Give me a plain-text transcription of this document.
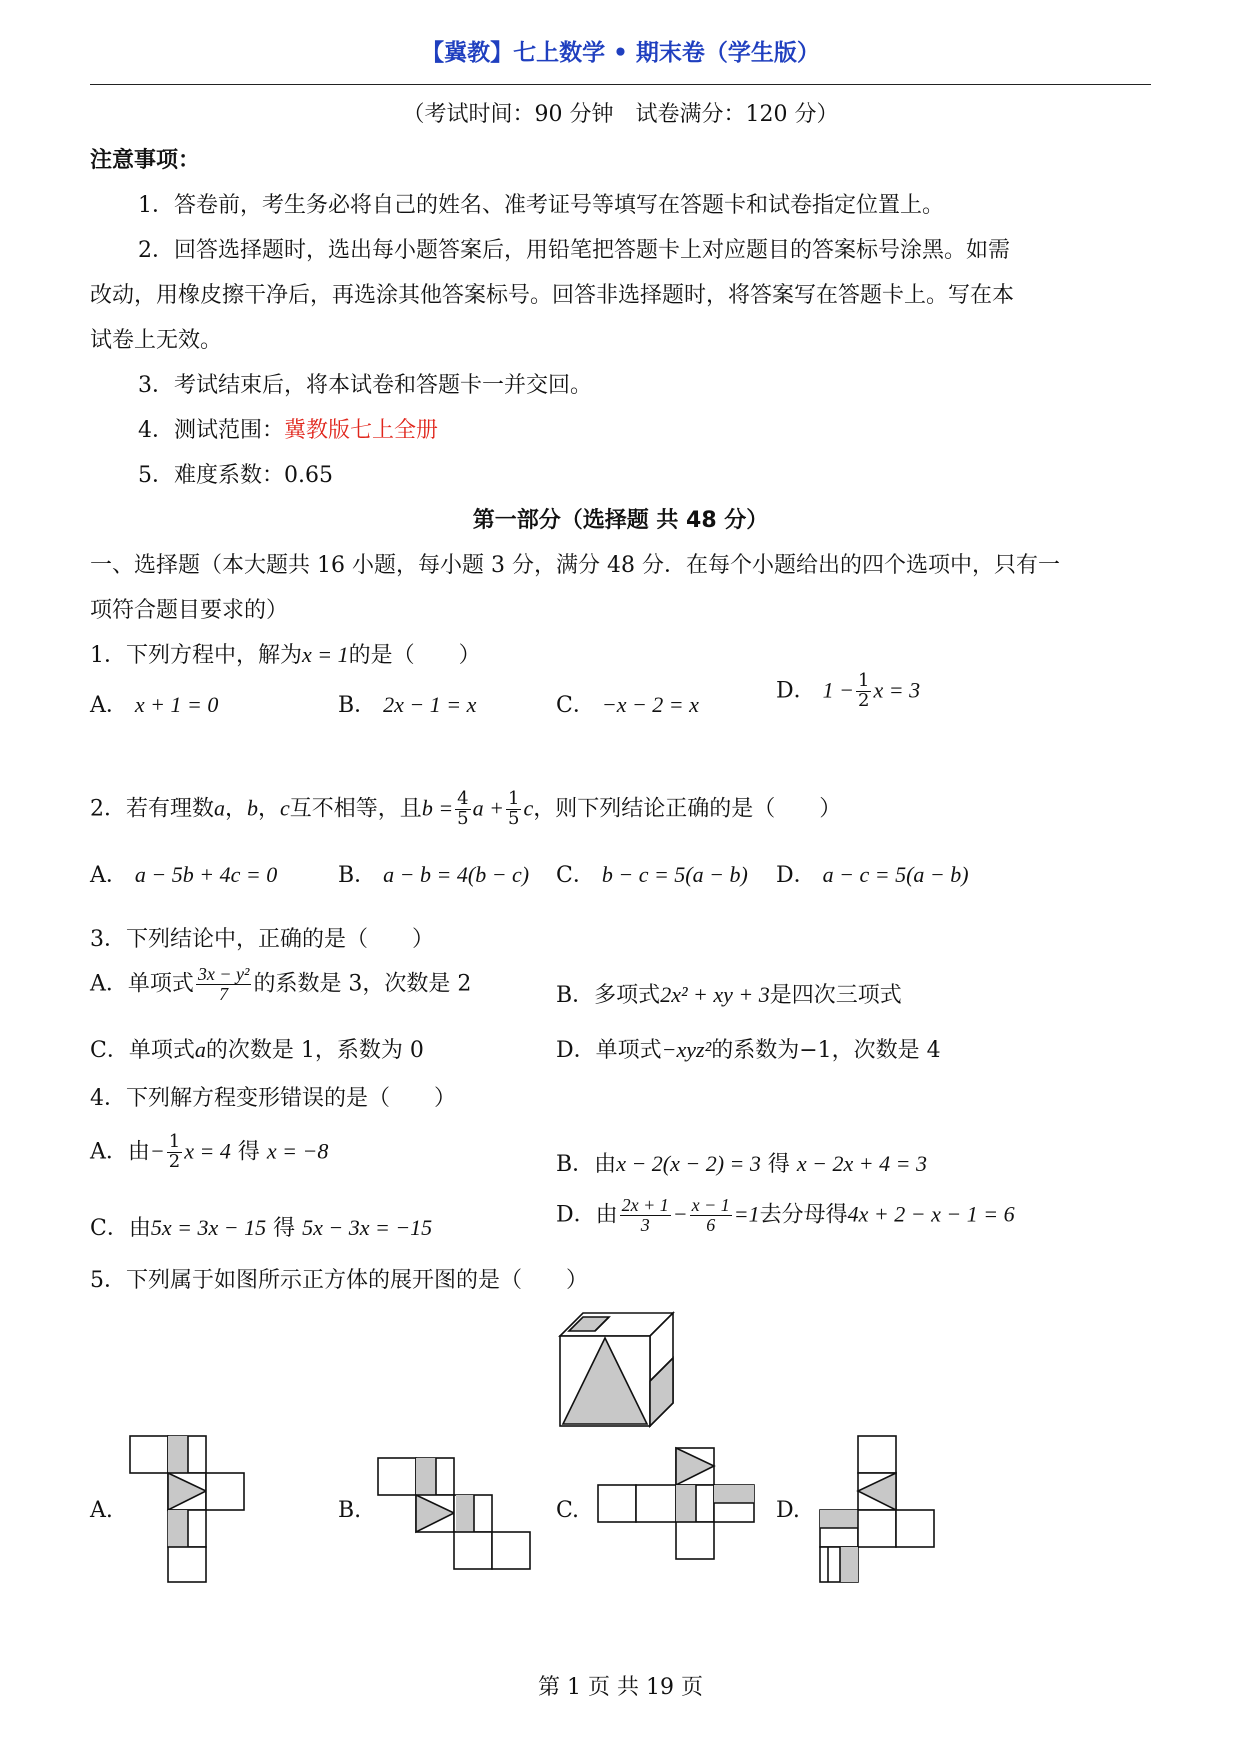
【冀教】七上数学 • 期末卷（学生版）
（考试时间：90 分钟　试卷满分：120 分）
注意事项：
1．答卷前，考生务必将自己的姓名、准考证号等填写在答题卡和试卷指定位置上。
2．回答选择题时，选出每小题答案后，用铅笔把答题卡上对应题目的答案标号涂黑。如需
改动，用橡皮擦干净后，再选涂其他答案标号。回答非选择题时，将答案写在答题卡上。写在本
试卷上无效。
3．考试结束后，将本试卷和答题卡一并交回。
4．测试范围：冀教版七上全册
5．难度系数：0.65
第一部分（选择题 共 48 分）
一、选择题（本大题共 16 小题，每小题 3 分，满分 48 分．在每个小题给出的四个选项中，只有一
项符合题目要求的）
1．下列方程中，解为x = 1的是（　　）
A． x + 1 = 0	B． 2x − 1 = x	C． −x − 2 = x
D． $1 - \frac{1}{2}$ x = 3
2．若有理数a，b，c互不相等，且$b = \frac{4}{5}$ $a + \frac{1}{5}$ c，则下列结论正确的是（　　）
A． a − 5b + 4c = 0	B． a − b = 4(b − c) C． b − c = 5(a − b) D． a − c = 5(a − b)
3．下列结论中，正确的是（　　）
A．单项式 $\frac{\text{3x − y²}}{7}$ 的系数是 3，次数是 2	B．多项式2x² + xy + 3是四次三项式
C．单项式a的次数是 1，系数为 0	D．单项式−xyz²的系数为−1，次数是 4
4．下列解方程变形错误的是（　　）
A．由− $\frac{1}{2}$ x = 4 得 x = −8
B．由x − 2(x − 2) = 3 得 x − 2x + 4 = 3
C．由5x = 3x − 15 得 5x − 3x = −15
D．由 $\frac{2x + 1}{3} - \frac{x - 1}{6} =1$去分母得4x + 2 − x − 1 = 6
5．下列属于如图所示正方体的展开图的是（　　）
A.	B.	C.	D.
第 1 页 共 19 页
